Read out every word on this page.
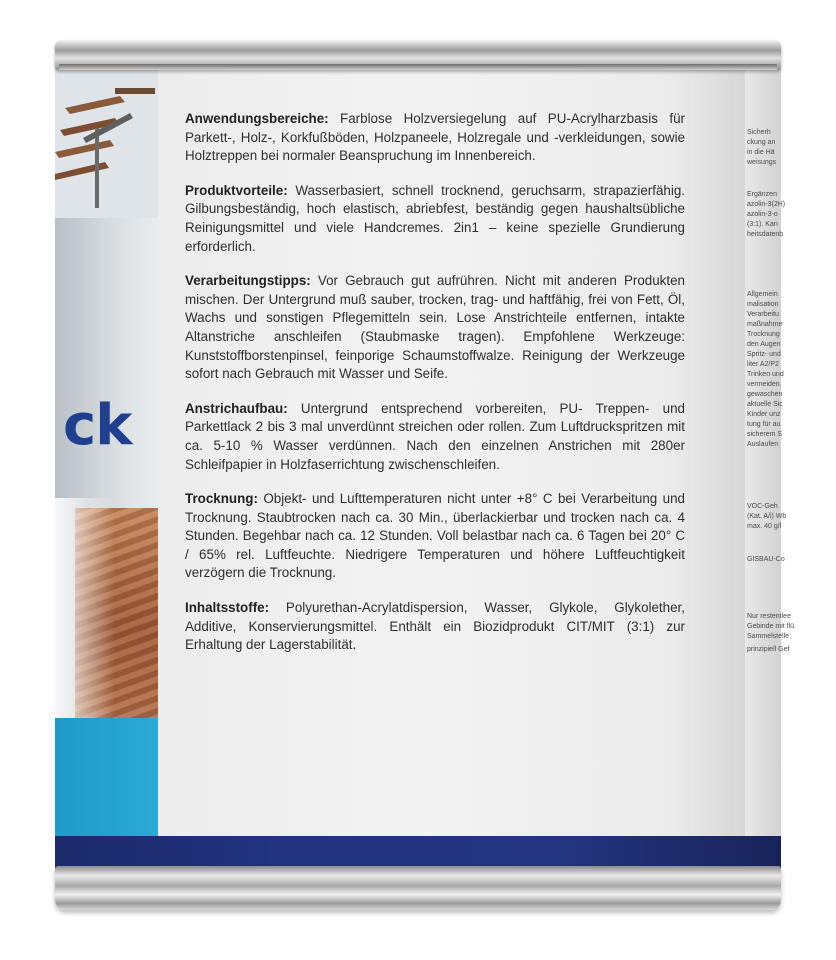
ck

Anwendungsbereiche: Farblose Holzversiegelung auf PU-Acrylharzbasis für Parkett-, Holz-, Korkfußböden, Holzpaneele, Holzregale und -verkleidungen, sowie Holztreppen bei normaler Beanspruchung im Innenbereich.

Produktvorteile: Wasserbasiert, schnell trocknend, geruchsarm, strapazierfähig. Gilbungsbeständig, hoch elastisch, abriebfest, beständig gegen haushaltsübliche Reinigungsmittel und viele Handcremes. 2in1 – keine spezielle Grundierung erforderlich.

Verarbeitungstipps: Vor Gebrauch gut aufrühren. Nicht mit anderen Produkten mischen. Der Untergrund muß sauber, trocken, trag- und haftfähig, frei von Fett, Öl, Wachs und sonstigen Pflegemitteln sein. Lose Anstrichteile entfernen, intakte Altanstriche anschleifen (Staubmaske tragen). Empfohlene Werkzeuge: Kunststoffborstenpinsel, feinporige Schaumstoffwalze. Reinigung der Werkzeuge sofort nach Gebrauch mit Wasser und Seife.

Anstrichaufbau: Untergrund entsprechend vorbereiten, PU- Treppen- und Parkettlack 2 bis 3 mal unverdünnt streichen oder rollen. Zum Luftdruckspritzen mit ca. 5-10 % Wasser verdünnen. Nach den einzelnen Anstrichen mit 280er Schleifpapier in Holzfaserrichtung zwischenschleifen.

Trocknung: Objekt- und Lufttemperaturen nicht unter +8° C bei Verarbeitung und Trocknung. Staubtrocken nach ca. 30 Min., überlackierbar und trocken nach ca. 4 Stunden. Begehbar nach ca. 12 Stunden. Voll belastbar nach ca. 6 Tagen bei 20° C / 65% rel. Luftfeuchte. Niedrigere Temperaturen und höhere Luftfeuchtigkeit verzögern die Trocknung.

Inhaltsstoffe: Polyurethan-Acrylatdispersion, Wasser, Glykole, Glykolether, Additive, Konservierungsmittel. Enthält ein Biozidprodukt CIT/MIT (3:1) zur Erhaltung der Lagerstabilität.

Sicherh
ckung an
in die Hä
weisungs
Ergänzen
azolin-3(2H)
azolin-3-o
(3:1). Kan
heitsdatenb
Allgemein
malisation
Verarbeitu
maßnahme
Trocknung
den Augen
Spritz- und
liter A2/P2
Trinken und
vermeiden.
gewaschen
aktuelle Sic
Kinder unz
tung für au
sicherem S
Auslaufen
VOC-Geh
(Kat. A/i) Wb
max. 40 g/l
GISBAU-Co
Nur restentlee
Gebinde mit flü
Sammelstelle
prinzipiell Gef
